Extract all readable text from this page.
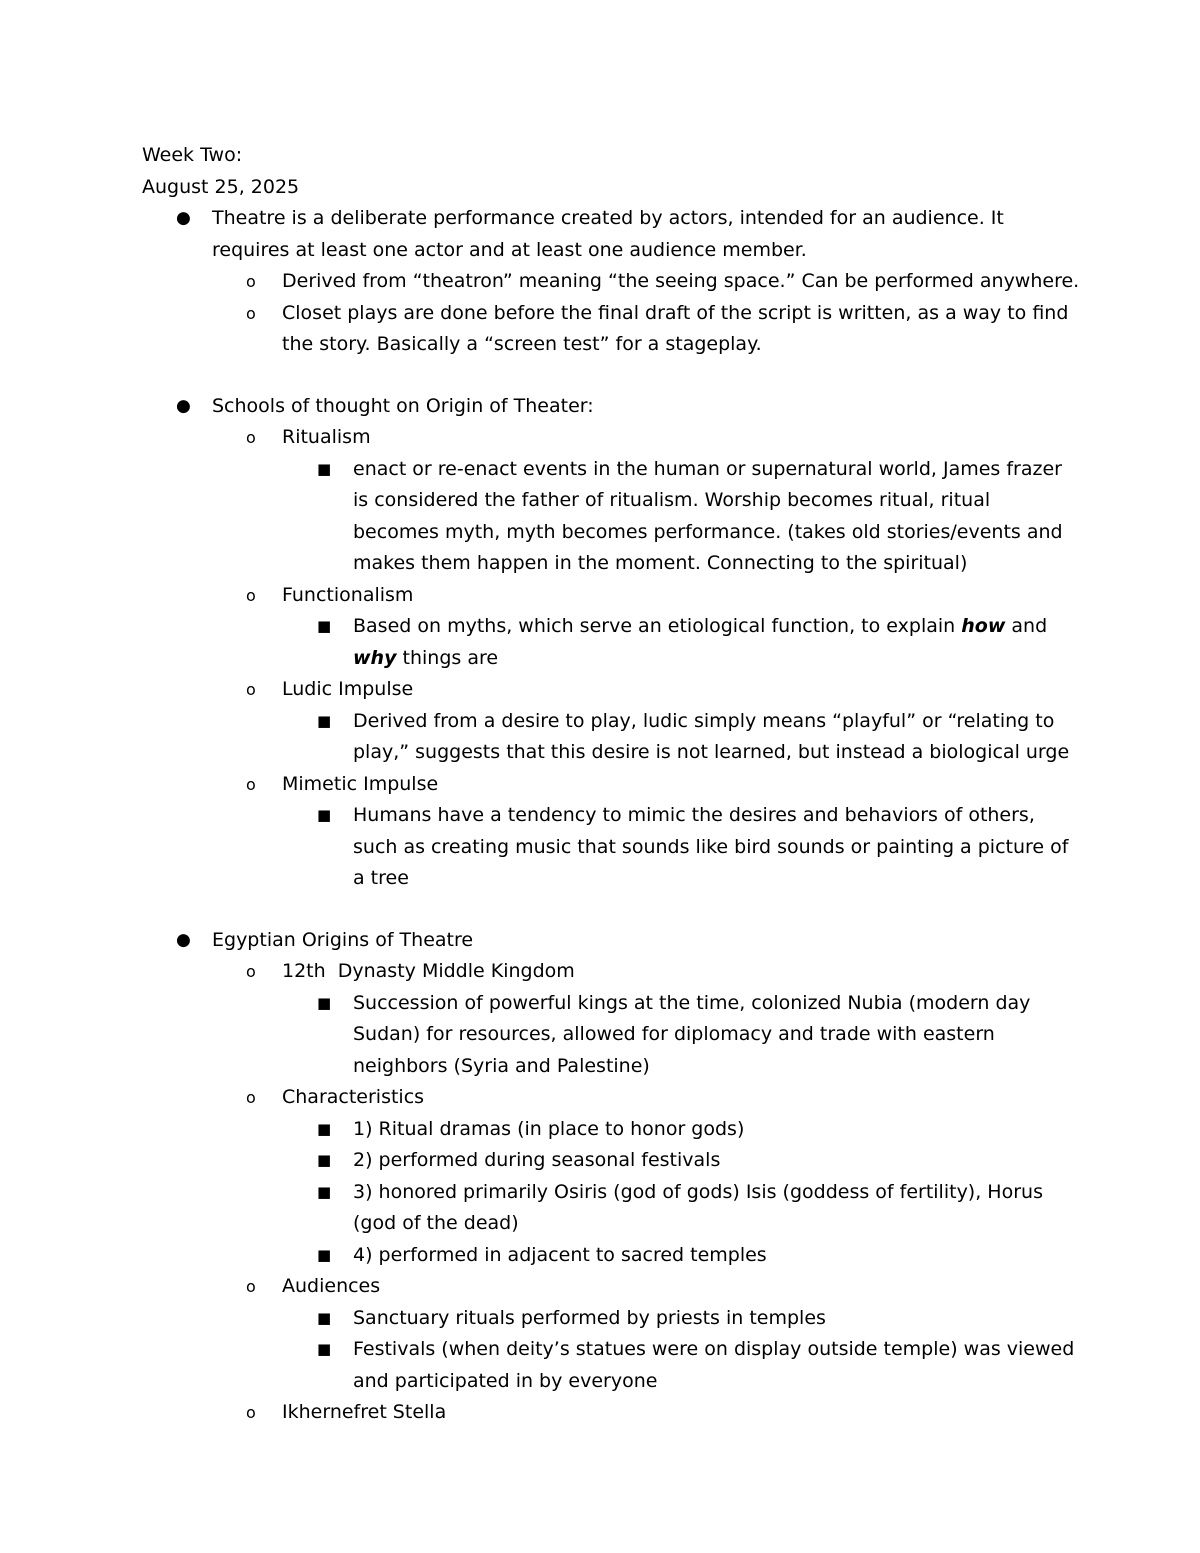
Week Two:
August 25, 2025
● Theatre is a deliberate performance created by actors, intended for an audience. It requires at least one actor and at least one audience member.
o Derived from “theatron” meaning “the seeing space.” Can be performed anywhere.
o Closet plays are done before the final draft of the script is written, as a way to find the story. Basically a “screen test” for a stageplay.
● Schools of thought on Origin of Theater:
o Ritualism
■ enact or re-enact events in the human or supernatural world, James frazer is considered the father of ritualism. Worship becomes ritual, ritual becomes myth, myth becomes performance. (takes old stories/events and makes them happen in the moment. Connecting to the spiritual)
o Functionalism
■ Based on myths, which serve an etiological function, to explain how and why things are
o Ludic Impulse
■ Derived from a desire to play, ludic simply means “playful” or “relating to play,” suggests that this desire is not learned, but instead a biological urge
o Mimetic Impulse
■ Humans have a tendency to mimic the desires and behaviors of others, such as creating music that sounds like bird sounds or painting a picture of a tree
● Egyptian Origins of Theatre
o 12th  Dynasty Middle Kingdom
■ Succession of powerful kings at the time, colonized Nubia (modern day Sudan) for resources, allowed for diplomacy and trade with eastern neighbors (Syria and Palestine)
o Characteristics
■ 1) Ritual dramas (in place to honor gods)
■ 2) performed during seasonal festivals
■ 3) honored primarily Osiris (god of gods) Isis (goddess of fertility), Horus (god of the dead)
■ 4) performed in adjacent to sacred temples
o Audiences
■ Sanctuary rituals performed by priests in temples
■ Festivals (when deity’s statues were on display outside temple) was viewed and participated in by everyone
o Ikhernefret Stella
